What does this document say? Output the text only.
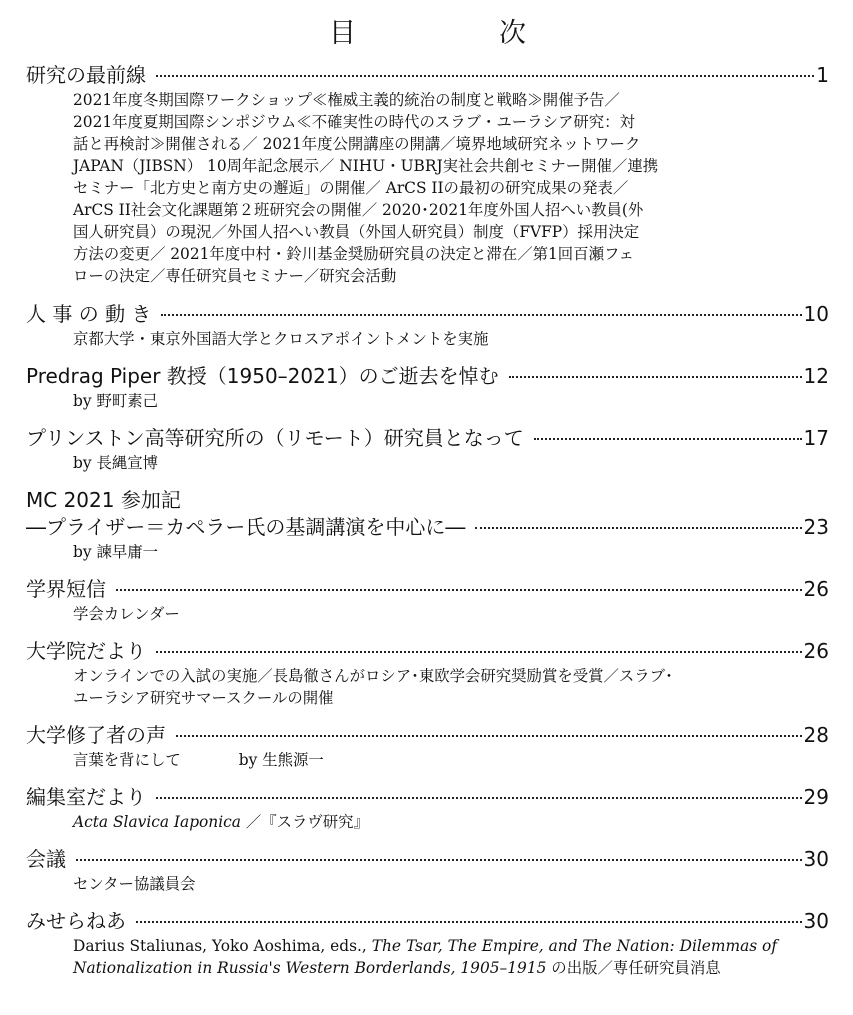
目　次
研究の最前線	1
2021年度冬期国際ワークショップ≪権威主義的統治の制度と戦略≫開催予告／
2021年度夏期国際シンポジウム≪不確実性の時代のスラブ・ユーラシア研究：対
話と再検討≫開催される／ 2021年度公開講座の開講／境界地域研究ネットワーク
JAPAN（JIBSN） 10周年記念展示／ NIHU・UBRJ実社会共創セミナー開催／連携
セミナー「北方史と南方史の邂逅」の開催／ ArCS IIの最初の研究成果の発表／
ArCS II社会文化課題第２班研究会の開催／ 2020･2021年度外国人招へい教員(外
国人研究員）の現況／外国人招へい教員（外国人研究員）制度（FVFP）採用決定
方法の変更／ 2021年度中村・鈴川基金奨励研究員の決定と滞在／第1回百瀬フェ
ローの決定／専任研究員セミナー／研究会活動
人 事 の 動 き	10
京都大学・東京外国語大学とクロスアポイントメントを実施
Predrag Piper 教授（1950–2021）のご逝去を悼む	12
by 野町素己
プリンストン高等研究所の（リモート）研究員となって	17
by 長縄宣博
MC 2021 参加記
―プライザー＝カペラー氏の基調講演を中心に―	23
by 諫早庸一
学界短信	26
学会カレンダー
大学院だより	26
オンラインでの入試の実施／長島徹さんがロシア･東欧学会研究奨励賞を受賞／スラブ･
ユーラシア研究サマースクールの開催
大学修了者の声	28
言葉を背にして	by 生熊源一
編集室だより	29
Acta Slavica Iaponica ／『スラヴ研究』
会議	30
センター協議員会
みせらねあ	30
Darius Staliunas, Yoko Aoshima, eds., The Tsar, The Empire, and The Nation: Dilemmas of
Nationalization in Russia's Western Borderlands, 1905–1915 の出版／専任研究員消息
